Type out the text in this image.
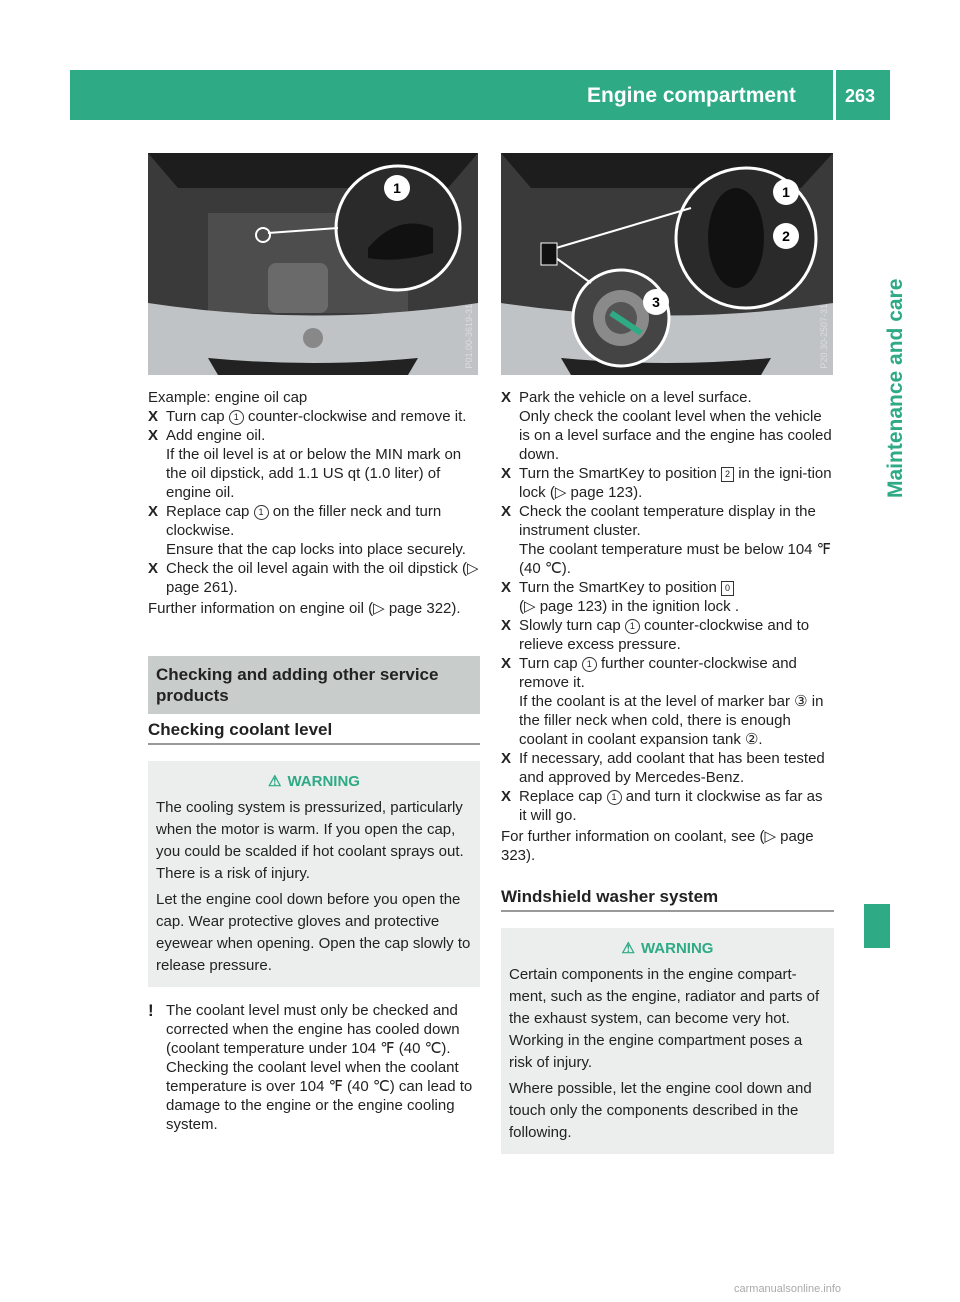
Engine compartment	263
Maintenance and care
1
P01.00-3619-31
1
2
3
P20.30-2507-31

Example: engine oil cap

X Turn cap 1 counter-clockwise and remove it.
X Add engine oil.
If the oil level is at or below the MIN mark on the oil dipstick, add 1.1 US qt (1.0 liter) of engine oil.
X Replace cap 1 on the filler neck and turn clockwise.
Ensure that the cap locks into place securely.
X Check the oil level again with the oil dipstick (▷ page 261).

Further information on engine oil (▷ page 322).

Checking and adding other service products
Checking coolant level
⚠ WARNING

The cooling system is pressurized, particularly when the motor is warm. If you open the cap, you could be scalded if hot coolant sprays out. There is a risk of injury.

Let the engine cool down before you open the cap. Wear protective gloves and protective eyewear when opening. Open the cap slowly to release pressure.

! The coolant level must only be checked and corrected when the engine has cooled down (coolant temperature under 104 ℉ (40 ℃). Checking the coolant level when the coolant temperature is over 104 ℉ (40 ℃) can lead to damage to the engine or the engine cooling system.
X Park the vehicle on a level surface.
Only check the coolant level when the vehicle is on a level surface and the engine has cooled down.
X Turn the SmartKey to position 2 in the igni-tion lock (▷ page 123).
X Check the coolant temperature display in the instrument cluster.
The coolant temperature must be below 104 ℉ (40 ℃).
X Turn the SmartKey to position 0
(▷ page 123) in the ignition lock .
X Slowly turn cap 1 counter-clockwise and to relieve excess pressure.
X Turn cap 1 further counter-clockwise and remove it.
If the coolant is at the level of marker bar ③ in the filler neck when cold, there is enough coolant in coolant expansion tank ②.
X If necessary, add coolant that has been tested and approved by Mercedes-Benz.
X Replace cap 1 and turn it clockwise as far as it will go.

For further information on coolant, see (▷ page 323).

Windshield washer system
⚠ WARNING

Certain components in the engine compart-ment, such as the engine, radiator and parts of the exhaust system, can become very hot. Working in the engine compartment poses a risk of injury.

Where possible, let the engine cool down and touch only the components described in the following.

carmanualsonline.info
